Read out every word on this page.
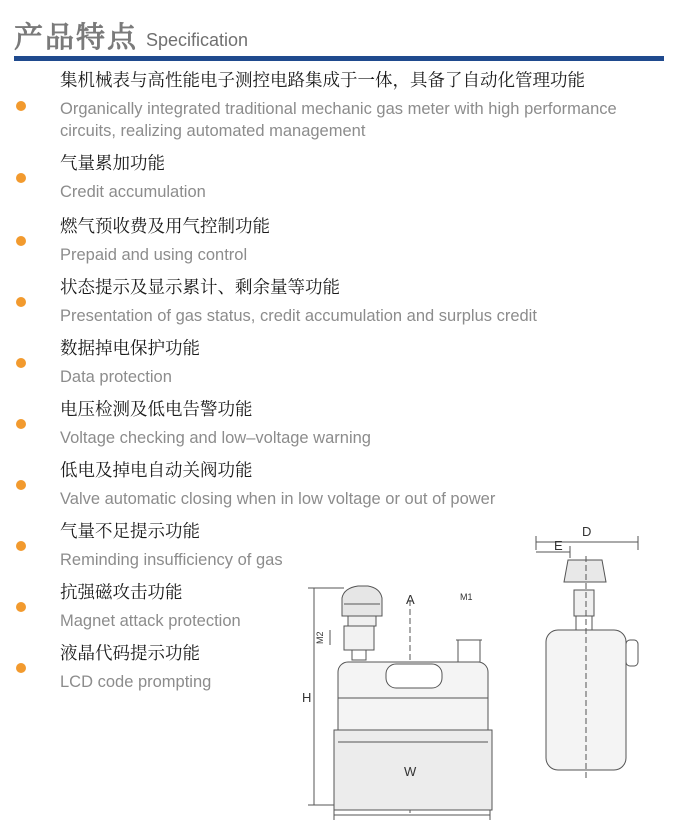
产品特点 Specification
集机械表与高性能电子测控电路集成于一体，具备了自动化管理功能
Organically integrated traditional mechanic gas meter with high performance circuits, realizing automated management
气量累加功能
Credit accumulation
燃气预收费及用气控制功能
Prepaid and using control
状态提示及显示累计、剩余量等功能
Presentation of gas status, credit accumulation and surplus credit
数据掉电保护功能
Data protection
电压检测及低电告警功能
Voltage checking and low–voltage warning
低电及掉电自动关阀功能
Valve automatic closing when in low voltage or out of power
气量不足提示功能
Reminding insufficiency of gas
抗强磁攻击功能
Magnet attack protection
液晶代码提示功能
LCD code prompting
A	M1
M2
H
W
D
E
